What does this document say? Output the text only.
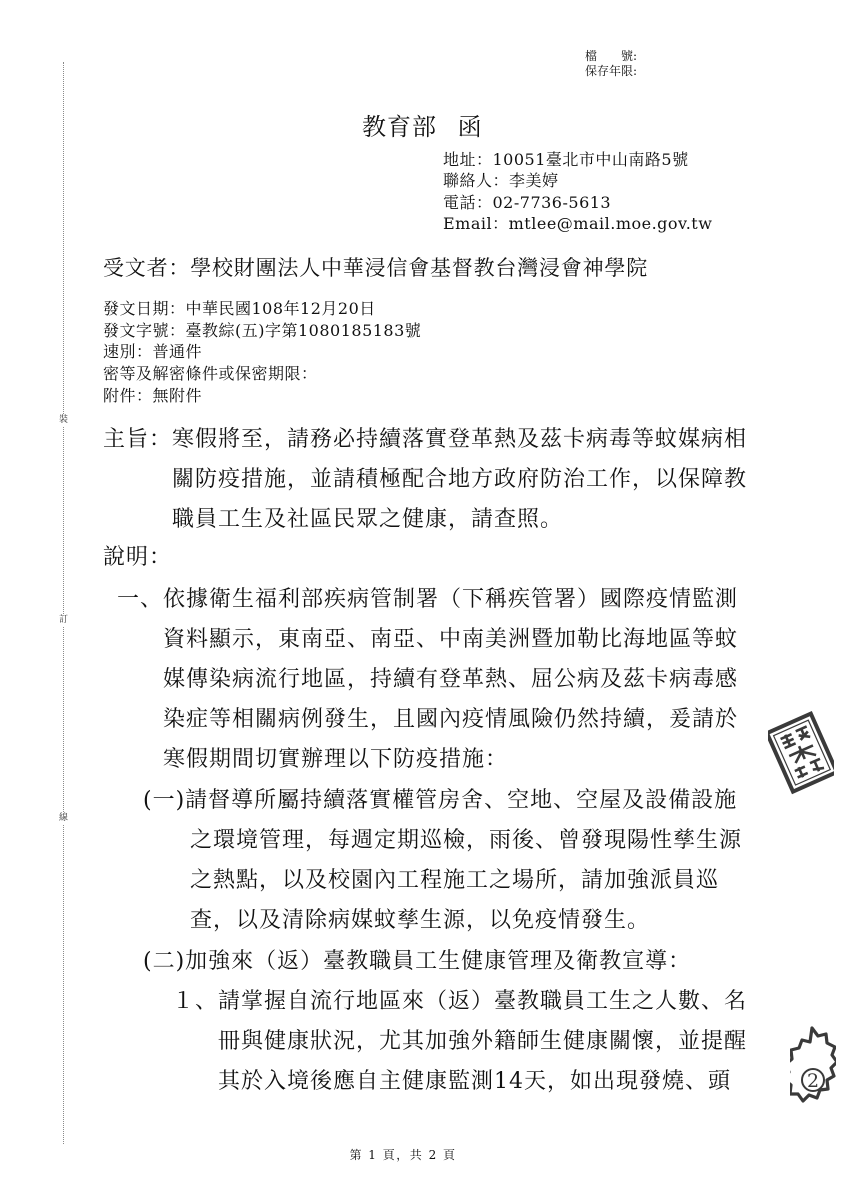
裝
訂
線
檔　　號:
保存年限:
教育部 函
地址：10051臺北市中山南路5號
聯絡人：李美婷
電話：02-7736-5613
Email：mtlee@mail.moe.gov.tw
受文者：學校財團法人中華浸信會基督教台灣浸會神學院
發文日期：中華民國108年12月20日
發文字號：臺教綜(五)字第1080185183號
速別：普通件
密等及解密條件或保密期限：
附件：無附件
主旨：寒假將至，請務必持續落實登革熱及茲卡病毒等蚊媒病相
關防疫措施，並請積極配合地方政府防治工作，以保障教
職員工生及社區民眾之健康，請查照。
說明：
一、依據衛生福利部疾病管制署（下稱疾管署）國際疫情監測
資料顯示，東南亞、南亞、中南美洲暨加勒比海地區等蚊
媒傳染病流行地區，持續有登革熱、屈公病及茲卡病毒感
染症等相關病例發生，且國內疫情風險仍然持續，爰請於
寒假期間切實辦理以下防疫措施：
(一)請督導所屬持續落實權管房舍、空地、空屋及設備設施
之環境管理，每週定期巡檢，雨後、曾發現陽性孳生源
之熱點，以及校園內工程施工之場所，請加強派員巡
查，以及清除病媒蚊孳生源，以免疫情發生。
(二)加強來（返）臺教職員工生健康管理及衛教宣導：
１、請掌握自流行地區來（返）臺教職員工生之人數、名
冊與健康狀況，尤其加強外籍師生健康關懷，並提醒
其於入境後應自主健康監測14天，如出現發燒、頭	2
第 1 頁，共 2 頁
